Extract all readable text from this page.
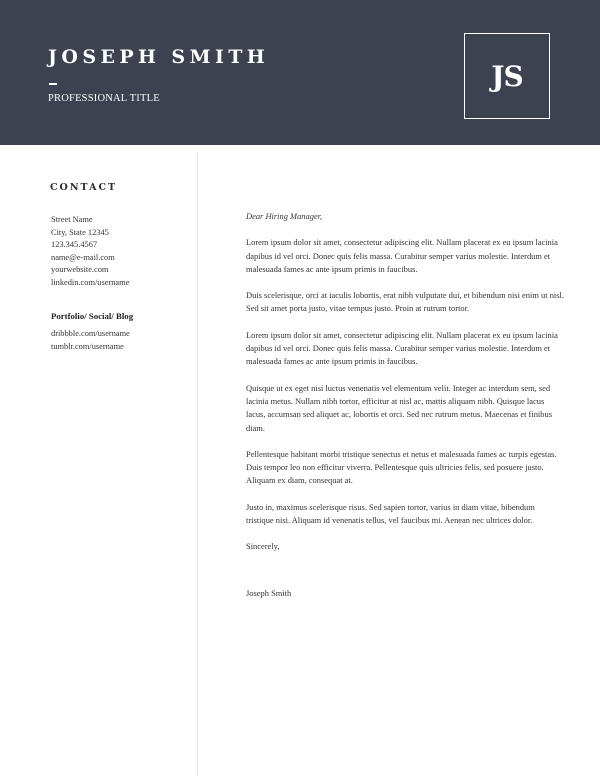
JOSEPH SMITH
PROFESSIONAL TITLE
JS
CONTACT
Street Name
City, State 12345
123.345.4567
name@e-mail.com
yourwebsite.com
linkedin.com/username
Portfolio/ Social/ Blog
dribbble.com/username
tumblr.com/username

Dear Hiring Manager,

Lorem ipsum dolor sit amet, consectetur adipiscing elit. Nullam placerat ex eu ipsum lacinia dapibus id vel orci. Donec quis felis massa. Curabitur semper varius molestie. Interdum et malesuada fames ac ante ipsum primis in faucibus.

Duis scelerisque, orci at iaculis lobortis, erat nibh vulputate dui, et bibendum nisi enim ut nisl. Sed sit amet porta justo, vitae tempus justo. Proin at rutrum tortor.

Lorem ipsum dolor sit amet, consectetur adipiscing elit. Nullam placerat ex eu ipsum lacinia dapibus id vel orci. Donec quis felis massa. Curabitur semper varius molestie. Interdum et malesuada fames ac ante ipsum primis in faucibus.

Quisque ut ex eget nisi luctus venenatis vel elementum velit. Integer ac interdum sem, sed lacinia metus. Nullam nibh tortor, efficitur at nisl ac, mattis aliquam nibh. Quisque lacus lacus, accumsan sed aliquet ac, lobortis et orci. Sed nec rutrum metus. Maecenas et finibus diam.

Pellentesque habitant morbi tristique senectus et netus et malesuada fames ac turpis egestas. Duis tempor leo non efficitur viverra. Pellentesque quis ultricies felis, sed posuere justo. Aliquam ex diam, consequat at.

Justo in, maximus scelerisque risus. Sed sapien tortor, varius in diam vitae, bibendum tristique nisi. Aliquam id venenatis tellus, vel faucibus mi. Aenean nec ultrices dolor.

Sincerely,

Joseph Smith
